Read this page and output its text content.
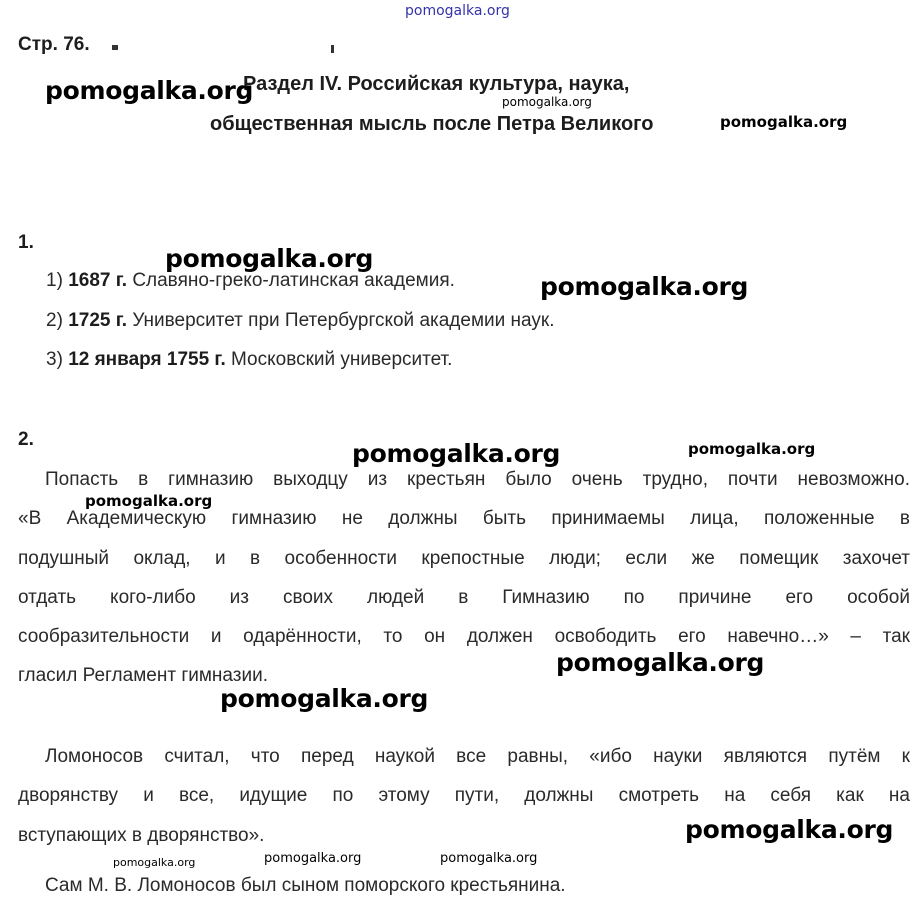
Стр. 76.
Раздел IV. Российская культура, наука,
общественная мысль после Петра Великого
1.
1) 1687 г. Славяно-греко-латинская академия.
2) 1725 г. Университет при Петербургской академии наук.
3) 12 января 1755 г. Московский университет.
2.
Попасть в гимназию выходцу из крестьян было очень трудно, почти невозможно.
«В Академическую гимназию не должны быть принимаемы лица, положенные в
подушный оклад, и в особенности крепостные люди; если же помещик захочет
отдать кого-либо из своих людей в Гимназию по причине его особой
сообразительности и одарённости, то он должен освободить его навечно…» – так
гласил Регламент гимназии.
Ломоносов считал, что перед наукой все равны, «ибо науки являются путём к
дворянству и все, идущие по этому пути, должны смотреть на себя как на
вступающих в дворянство».
Сам М. В. Ломоносов был сыном поморского крестьянина.
pomogalka.org
pomogalka.org	pomogalka.org
pomogalka.org
pomogalka.org
pomogalka.org
pomogalka.org	pomogalka.org
pomogalka.org
pomogalka.org
pomogalka.org
pomogalka.org
pomogalka.org	pomogalka.org	pomogalka.org
